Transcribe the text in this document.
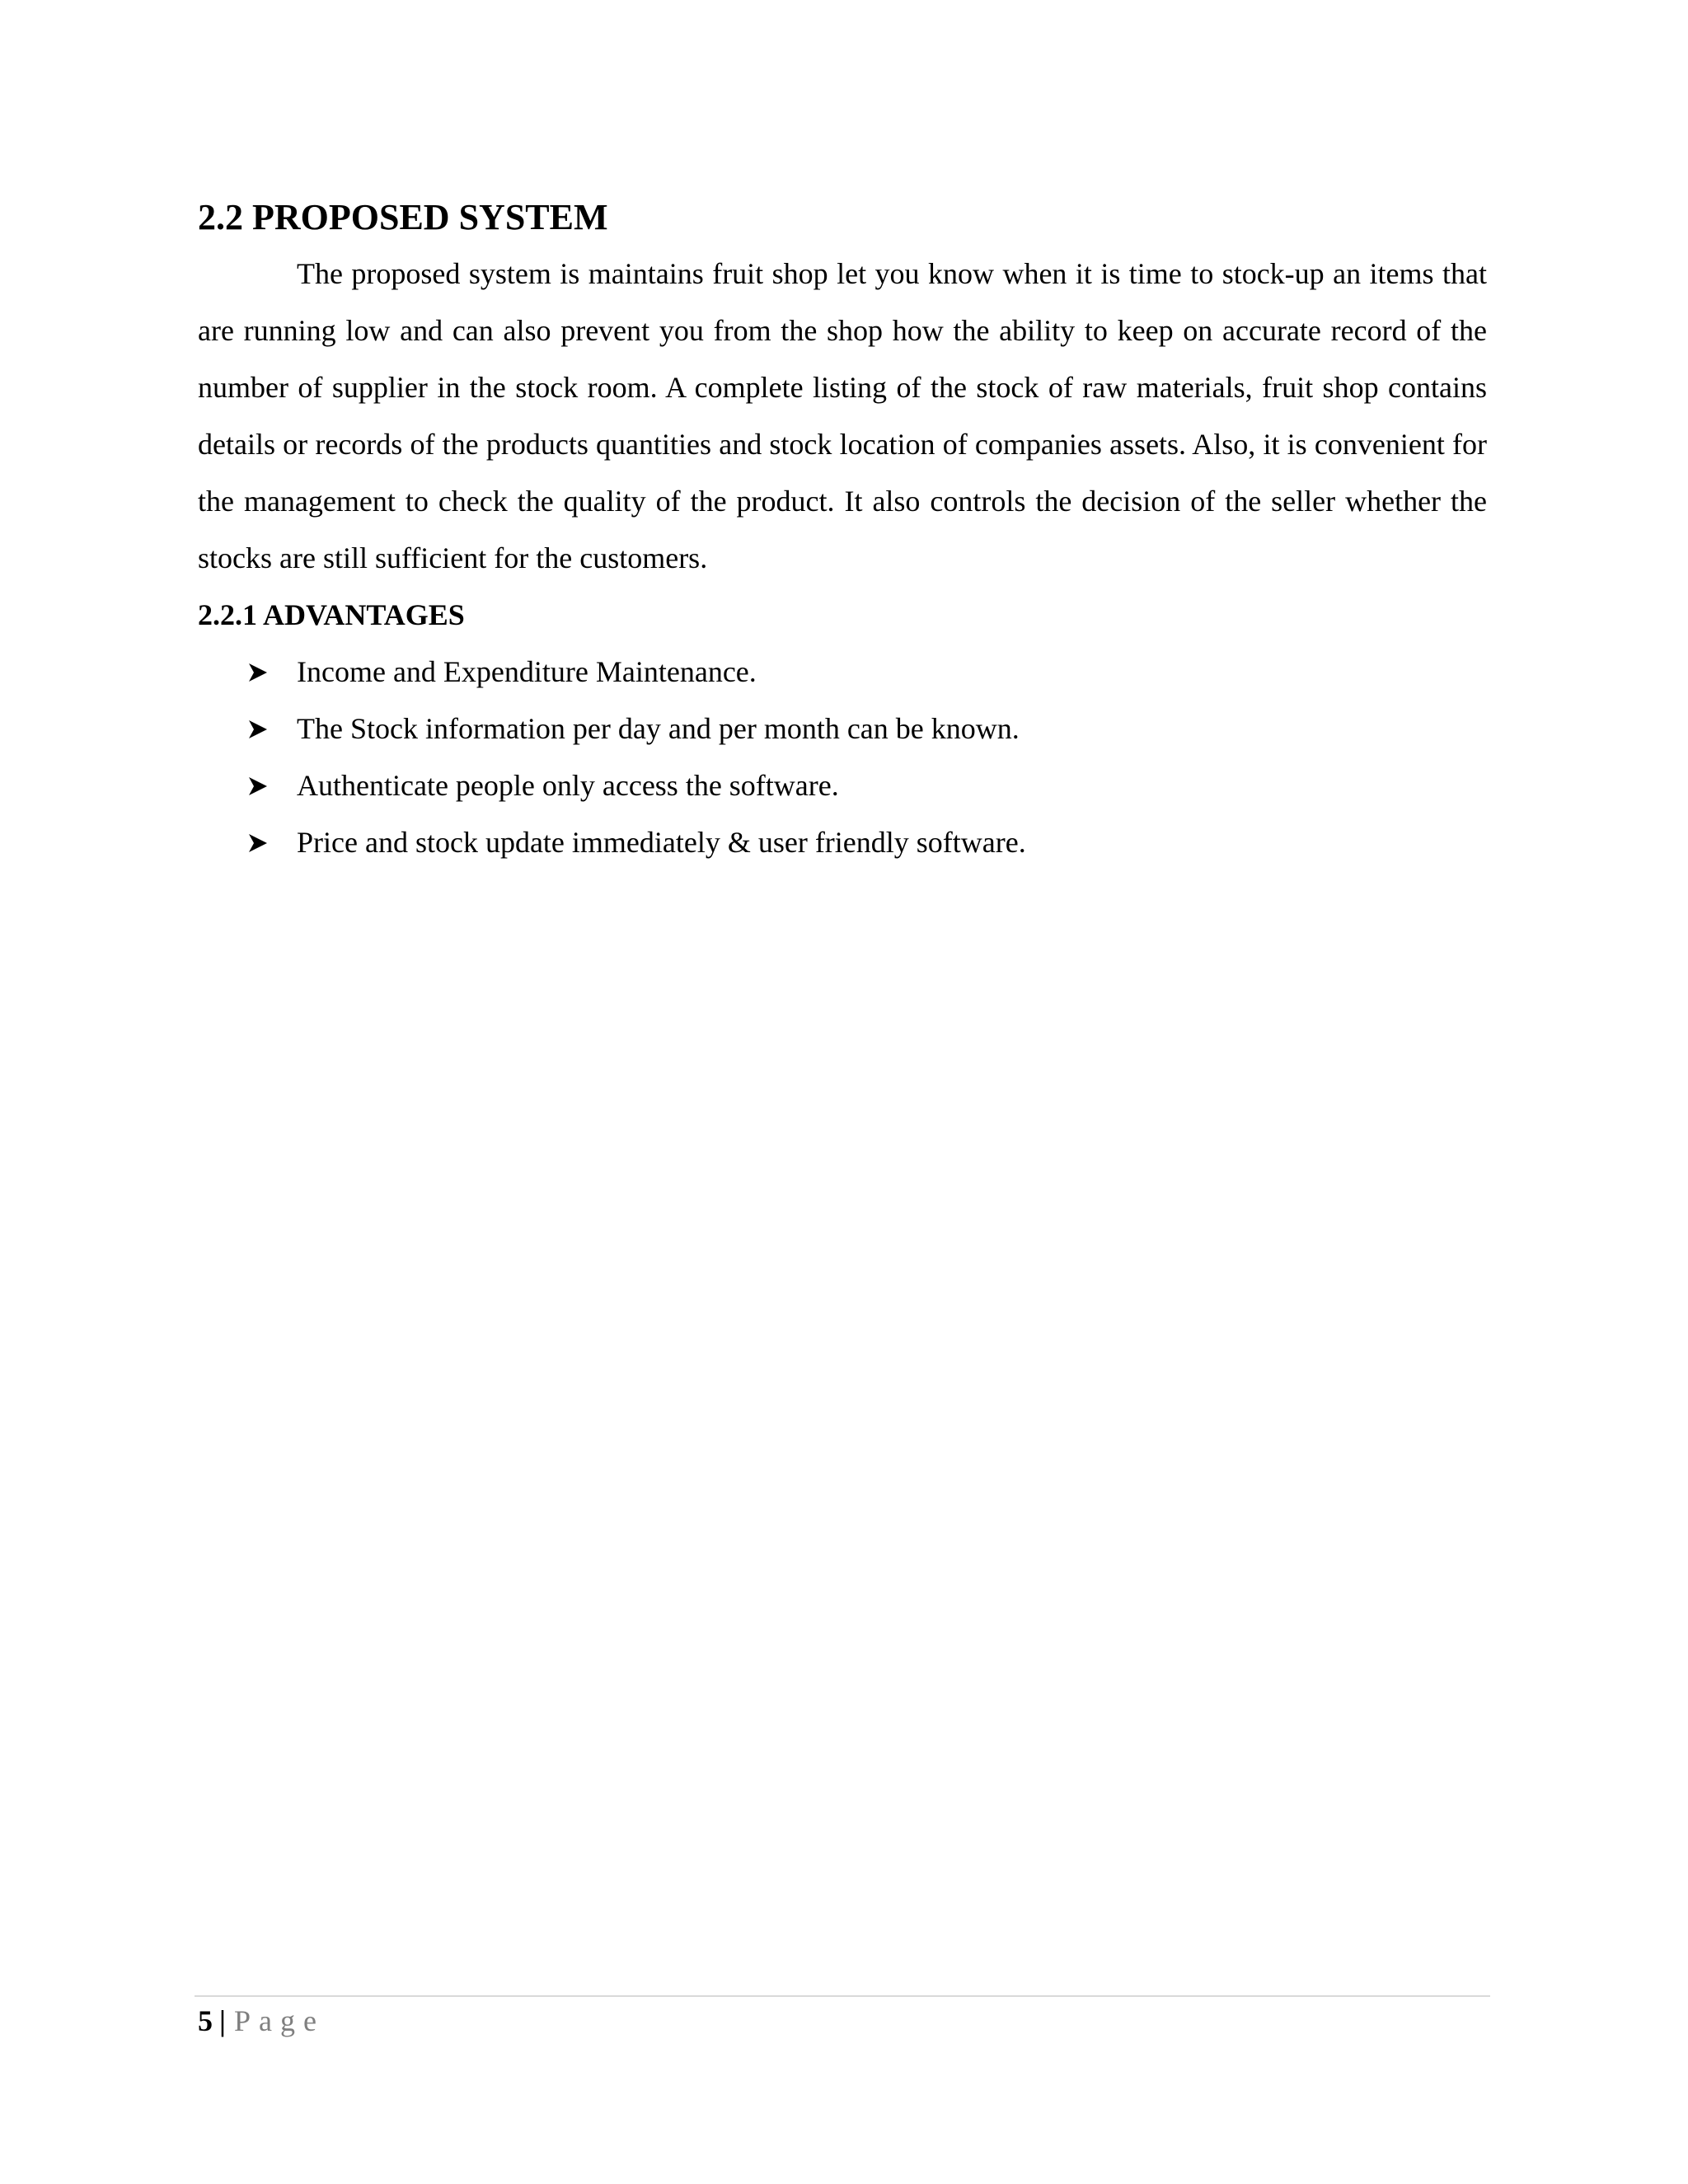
2.2 PROPOSED SYSTEM

The proposed system is maintains fruit shop let you know when it is time to stock-up an items that are running low and can also prevent you from the shop how the ability to keep on accurate record of the number of supplier in the stock room. A complete listing of the stock of raw materials, fruit shop contains details or records of the products quantities and stock location of companies assets. Also, it is convenient for the management to check the quality of the product. It also controls the decision of the seller whether the stocks are still sufficient for the customers.

2.2.1 ADVANTAGES
Income and Expenditure Maintenance.
The Stock information per day and per month can be known.
Authenticate people only access the software.
Price and stock update immediately & user friendly software.
5 | Page
